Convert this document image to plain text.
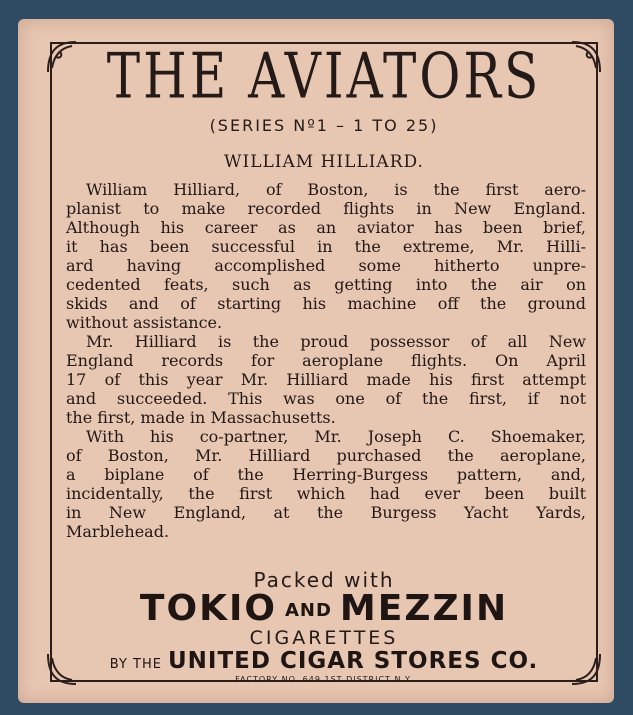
THE AVIATORS
(SERIES Nº1 – 1 TO 25)
WILLIAM HILLIARD.
William Hilliard, of Boston, is the first aero-
planist to make recorded flights in New England.
Although his career as an aviator has been brief,
it has been successful in the extreme, Mr. Hilli-
ard having accomplished some hitherto unpre-
cedented feats, such as getting into the air on
skids and of starting his machine off the ground
without assistance.
Mr. Hilliard is the proud possessor of all New
England records for aeroplane flights. On April
17 of this year Mr. Hilliard made his first attempt
and succeeded. This was one of the first, if not
the first, made in Massachusetts.
With his co-partner, Mr. Joseph C. Shoemaker,
of Boston, Mr. Hilliard purchased the aeroplane,
a biplane of the Herring-Burgess pattern, and,
incidentally, the first which had ever been built
in New England, at the Burgess Yacht Yards,
Marblehead.
Packed with
TOKIO AND MEZZIN
CIGARETTES
BY THE UNITED CIGAR STORES CO.
FACTORY NO. 649 1ST DISTRICT N.Y.
